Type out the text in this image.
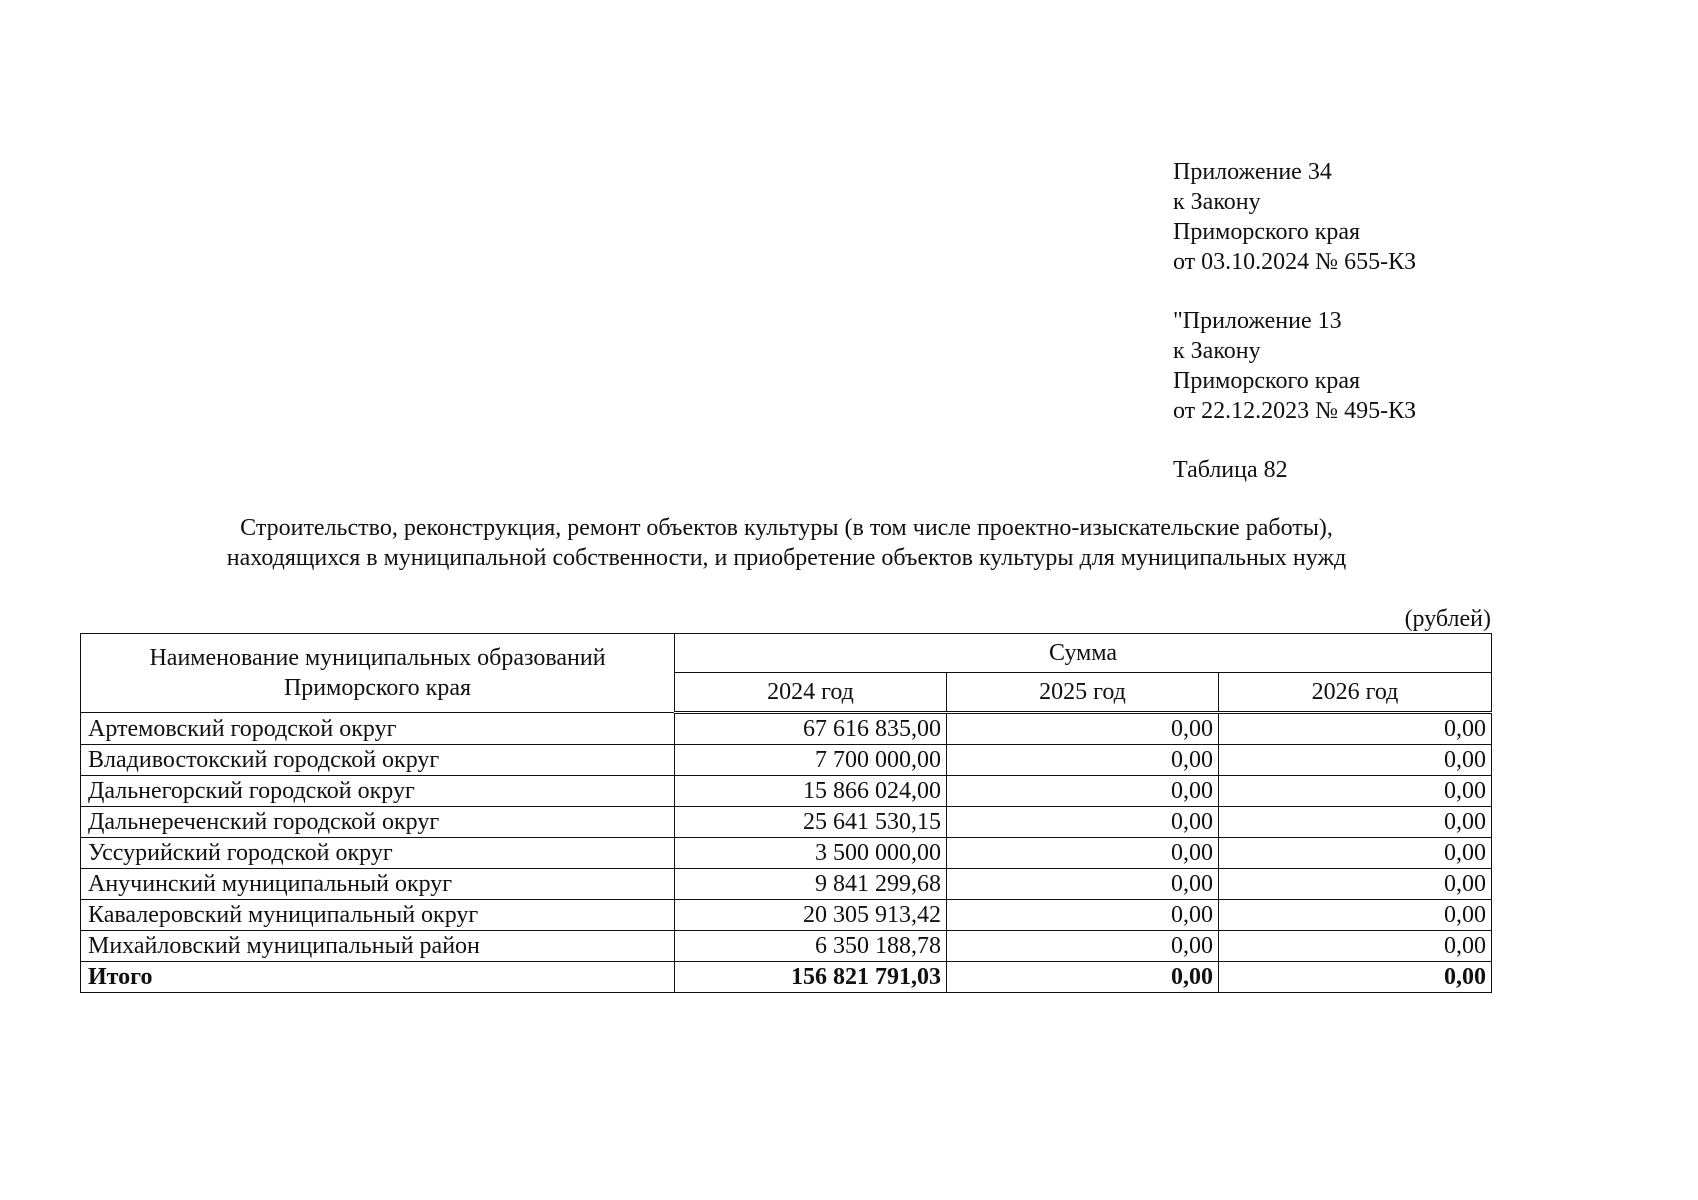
Приложение 34
к Закону
Приморского края
от 03.10.2024 № 655-КЗ
"Приложение 13
к Закону
Приморского края
от 22.12.2023 № 495-КЗ
Таблица 82
Строительство, реконструкция, ремонт объектов культуры (в том числе проектно-изыскательские работы),
находящихся в муниципальной собственности, и приобретение объектов культуры для муниципальных нужд
(рублей)
Наименование муниципальных образований Приморского края	Сумма		
	2024 год	2025 год	2026 год
Артемовский городской округ	67 616 835,00	0,00	0,00
Владивостокский городской округ	7 700 000,00	0,00	0,00
Дальнегорский городской округ	15 866 024,00	0,00	0,00
Дальнереченский городской округ	25 641 530,15	0,00	0,00
Уссурийский городской округ	3 500 000,00	0,00	0,00
Анучинский муниципальный округ	9 841 299,68	0,00	0,00
Кавалеровский муниципальный округ	20 305 913,42	0,00	0,00
Михайловский муниципальный район	6 350 188,78	0,00	0,00
Итого	156 821 791,03	0,00	0,00
